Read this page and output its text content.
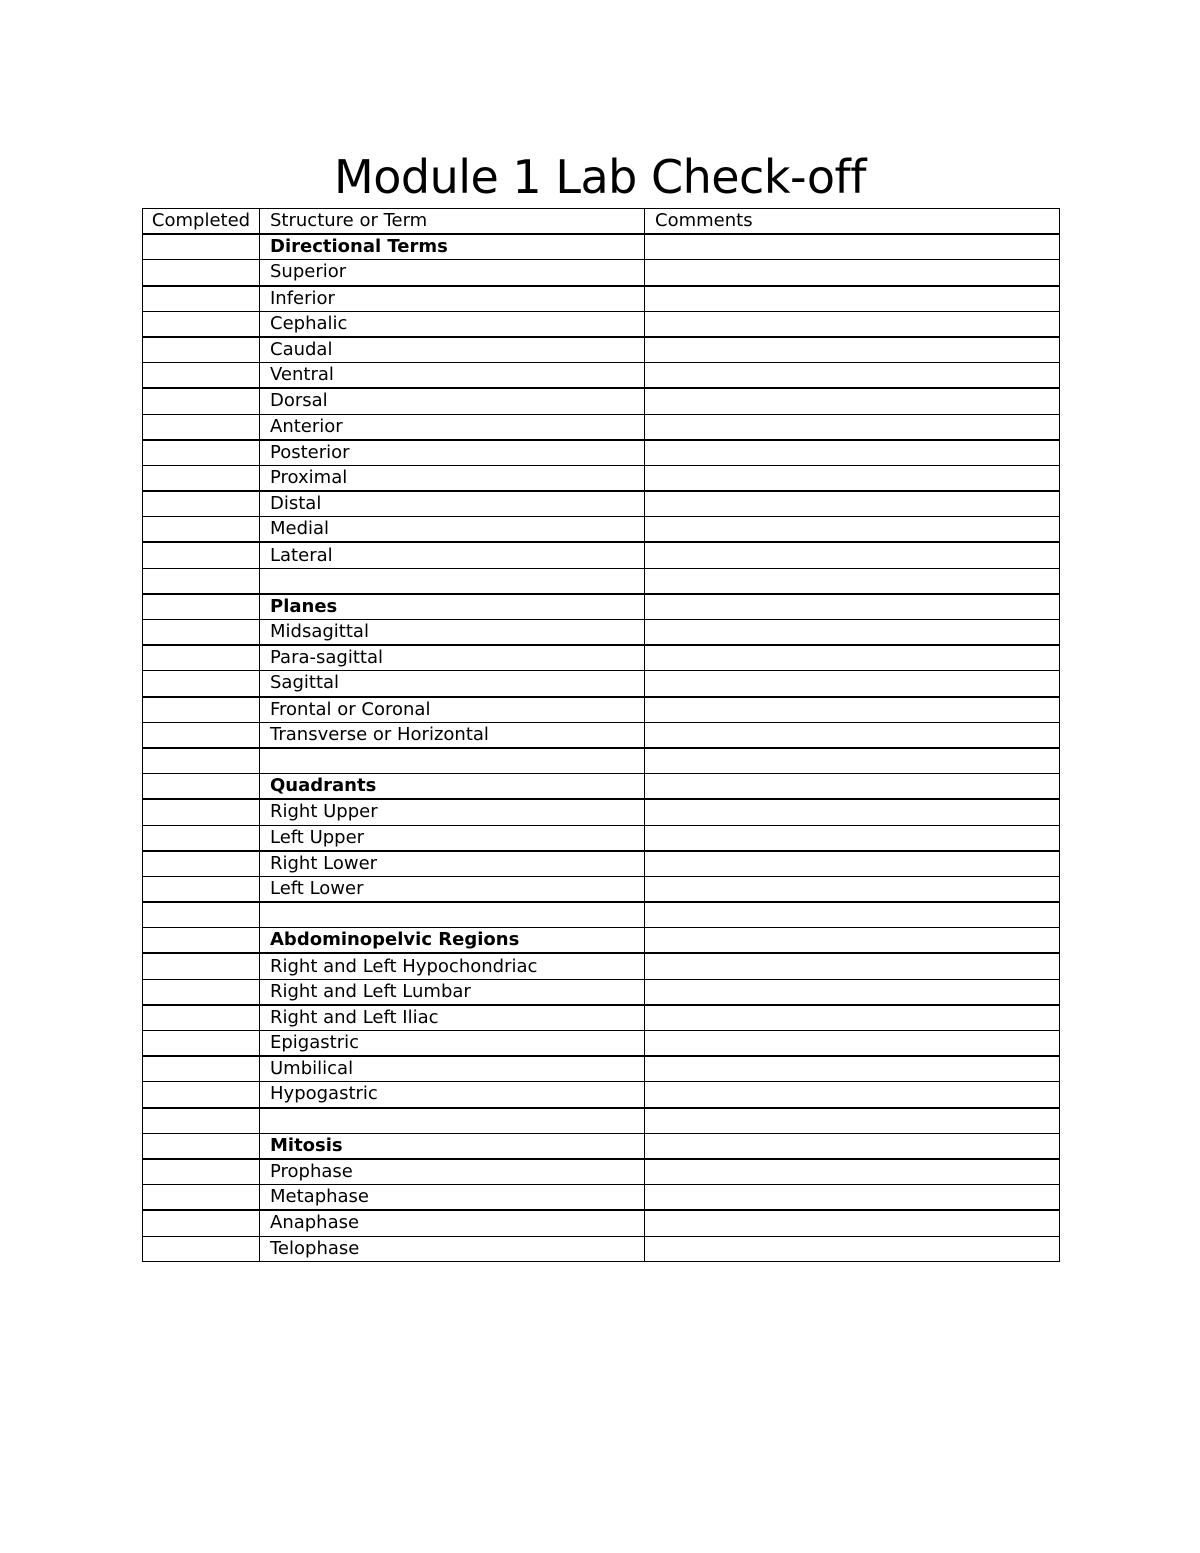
Module 1 Lab Check-off
Completed	Structure or Term	Comments
	Directional Terms	
	Superior	
	Inferior	
	Cephalic	
	Caudal	
	Ventral	
	Dorsal	
	Anterior	
	Posterior	
	Proximal	
	Distal	
	Medial	
	Lateral	

	Planes	
	Midsagittal	
	Para-sagittal	
	Sagittal	
	Frontal or Coronal	
	Transverse or Horizontal	

	Quadrants	
	Right Upper	
	Left Upper	
	Right Lower	
	Left Lower	

	Abdominopelvic Regions	
	Right and Left Hypochondriac	
	Right and Left Lumbar	
	Right and Left Iliac	
	Epigastric	
	Umbilical	
	Hypogastric	

	Mitosis	
	Prophase	
	Metaphase	
	Anaphase	
	Telophase	
